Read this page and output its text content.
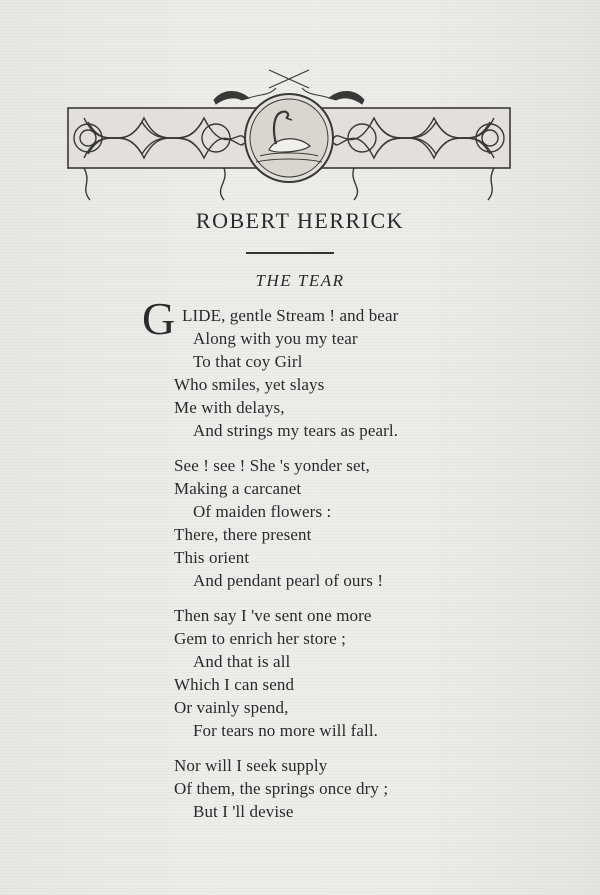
ROBERT HERRICK
THE TEAR
G LIDE, gentle Stream ! and bear
Along with you my tear
To that coy Girl
Who smiles, yet slays
Me with delays,
And strings my tears as pearl.
See ! see ! She 's yonder set,
Making a carcanet
Of maiden flowers :
There, there present
This orient
And pendant pearl of ours !
Then say I 've sent one more
Gem to enrich her store ;
And that is all
Which I can send
Or vainly spend,
For tears no more will fall.
Nor will I seek supply
Of them, the springs once dry ;
But I 'll devise
